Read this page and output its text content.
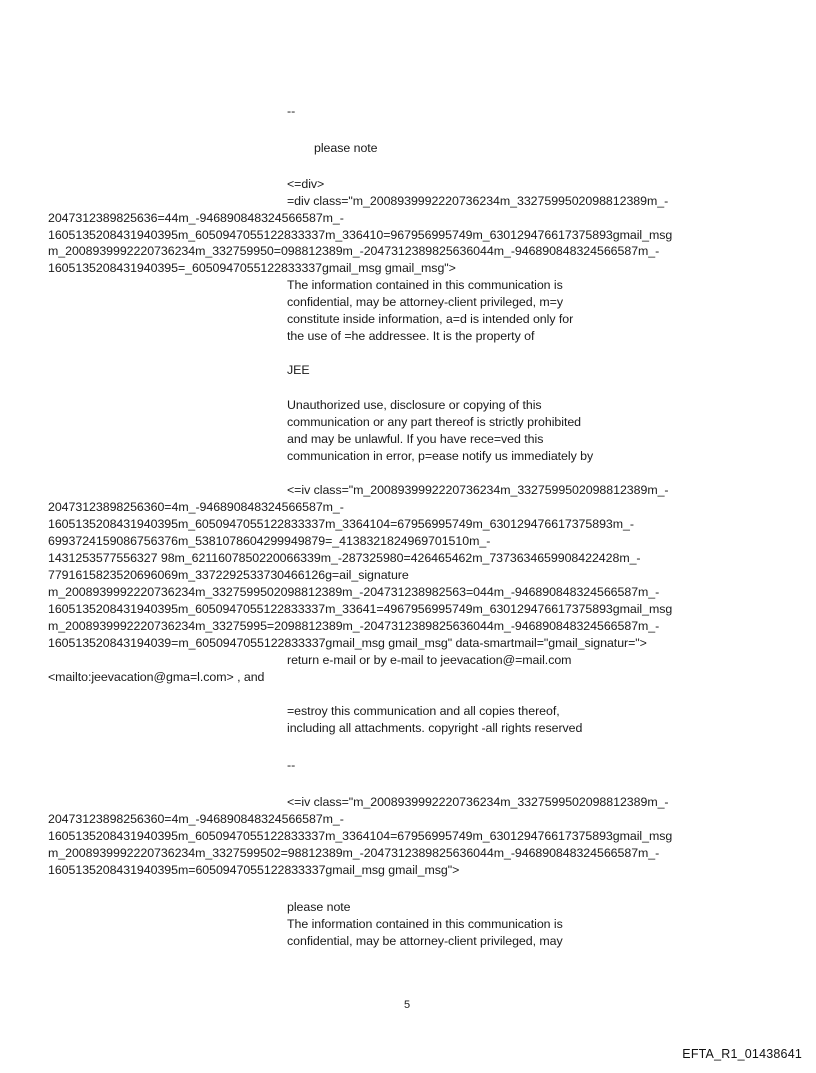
--
please note
<=div>
=div class="m_2008939992220736234m_3327599502098812389m_-
2047312389825636=44m_-946890848324566587m_-
1605135208431940395m_6050947055122833337m_336410=967956995749m_630129476617375893gmail_msg
m_2008939992220736234m_332759950=098812389m_-2047312389825636044m_-946890848324566587m_-
1605135208431940395=_6050947055122833337gmail_msg gmail_msg">
The information contained in this communication is
confidential, may be attorney-client privileged, m=y
constitute inside information, a=d is intended only for
the use of =he addressee. It is the property of
JEE
Unauthorized use, disclosure or copying of this
communication or any part thereof is strictly prohibited
and may be unlawful. If you have rece=ved this
communication in error, p=ease notify us immediately by
<=iv class="m_2008939992220736234m_3327599502098812389m_-
20473123898256360=4m_-946890848324566587m_-
1605135208431940395m_6050947055122833337m_3364104=67956995749m_630129476617375893m_-
6993724159086756376m_5381078604299949879=_4138321824969701510m_-
1431253577556327 98m_6211607850220066339m_-287325980=426465462m_7373634659908422428m_-
7791615823520696069m_3372292533730466126g=ail_signature
m_2008939992220736234m_3327599502098812389m_-204731238982563=044m_-946890848324566587m_-
1605135208431940395m_6050947055122833337m_33641=4967956995749m_630129476617375893gmail_msg
m_2008939992220736234m_33275995=2098812389m_-2047312389825636044m_-946890848324566587m_-
160513520843194039=m_6050947055122833337gmail_msg gmail_msg" data-smartmail="gmail_signatur=">
return e-mail or by e-mail to jeevacation@=mail.com
<mailto:jeevacation@gma=l.com> , and
=estroy this communication and all copies thereof,
including all attachments. copyright -all rights reserved
--
<=iv class="m_2008939992220736234m_3327599502098812389m_-
20473123898256360=4m_-946890848324566587m_-
1605135208431940395m_6050947055122833337m_3364104=67956995749m_630129476617375893gmail_msg
m_2008939992220736234m_3327599502=98812389m_-2047312389825636044m_-946890848324566587m_-
1605135208431940395m=6050947055122833337gmail_msg gmail_msg">
please note
The information contained in this communication is
confidential, may be attorney-client privileged, may
5
EFTA_R1_01438641
